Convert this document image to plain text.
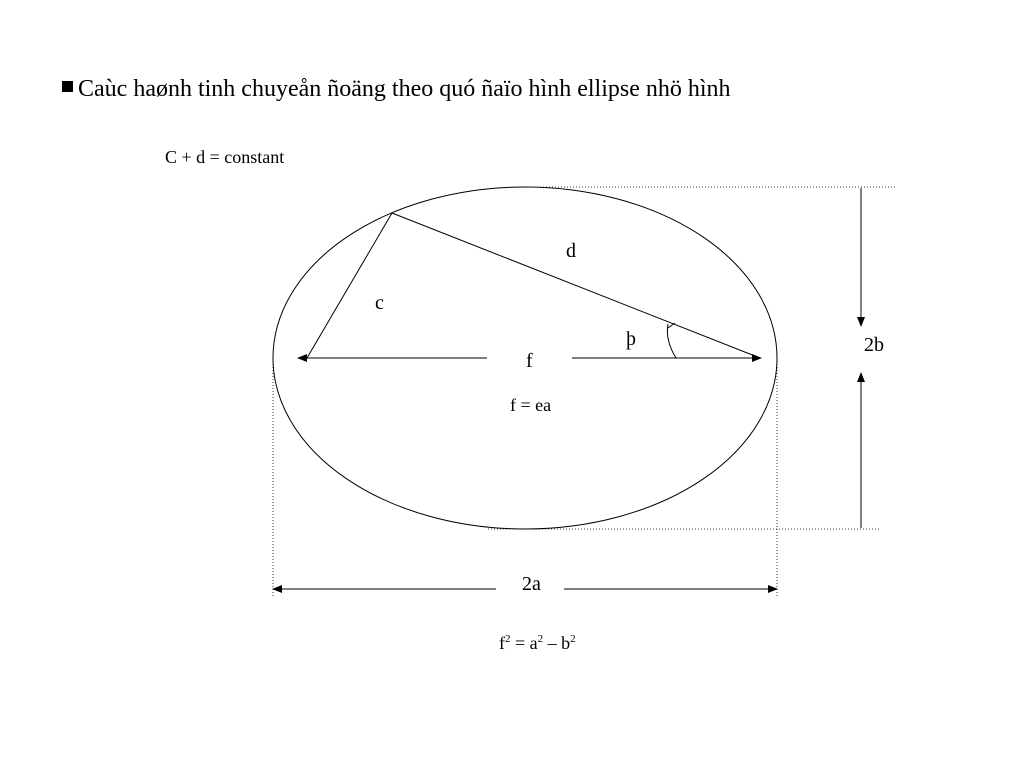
Caùc haønh tinh chuyeån ñoäng theo quó ñaïo hình ellipse nhö hình
C + d = constant
d
c
þ
f
f = ea
2b
2a
$f^2 = a^2 - b^2$
